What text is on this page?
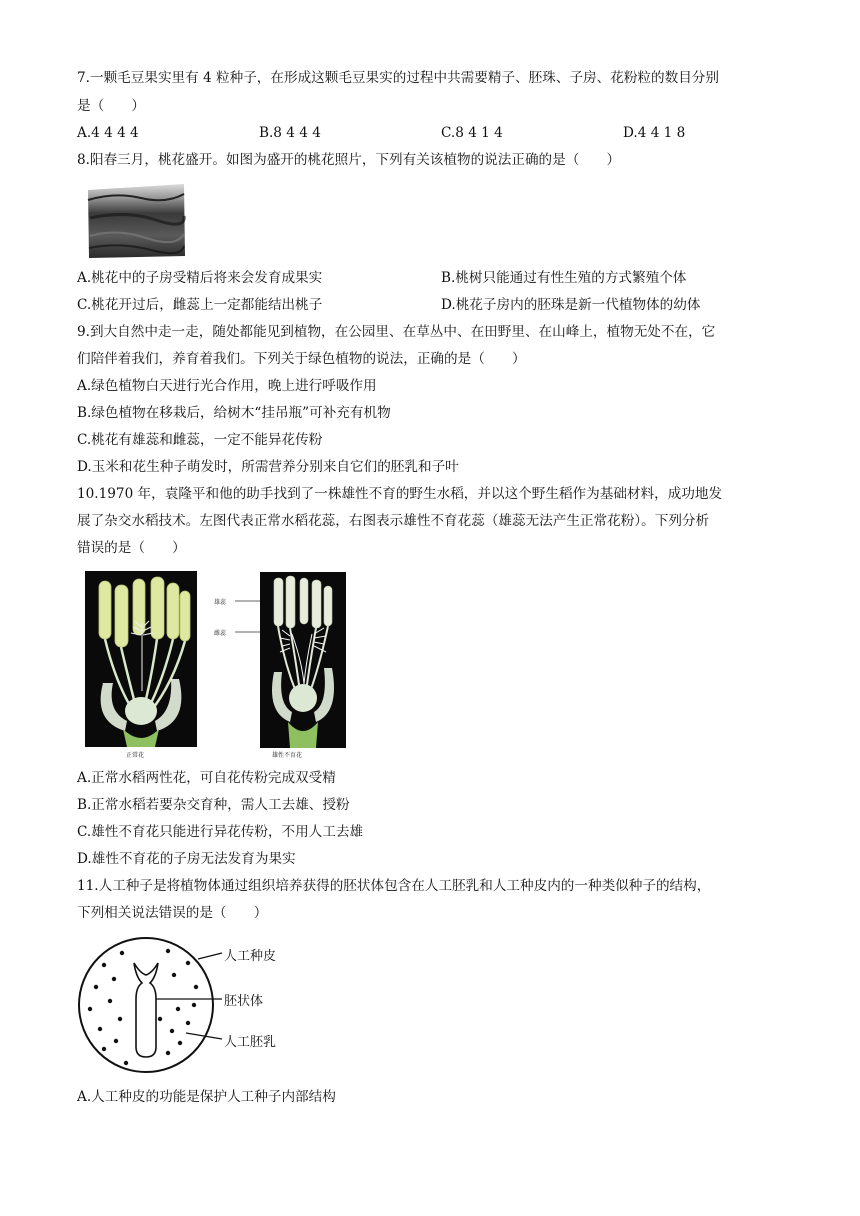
7.一颗毛豆果实里有 4 粒种子，在形成这颗毛豆果实的过程中共需要精子、胚珠、子房、花粉粒的数目分别
是（　　）
A.4 4 4 4	B.8 4 4 4	C.8 4 1 4	D.4 4 1 8
8.阳春三月，桃花盛开。如图为盛开的桃花照片，下列有关该植物的说法正确的是（　　）
A.桃花中的子房受精后将来会发育成果实	B.桃树只能通过有性生殖的方式繁殖个体
C.桃花开过后，雌蕊上一定都能结出桃子	D.桃花子房内的胚珠是新一代植物体的幼体
9.到大自然中走一走，随处都能见到植物，在公园里、在草丛中、在田野里、在山峰上，植物无处不在，它
们陪伴着我们，养育着我们。下列关于绿色植物的说法，正确的是（　　）
A.绿色植物白天进行光合作用，晚上进行呼吸作用
B.绿色植物在移栽后，给树木“挂吊瓶”可补充有机物
C.桃花有雄蕊和雌蕊，一定不能异花传粉
D.玉米和花生种子萌发时，所需营养分别来自它们的胚乳和子叶
10.1970 年，袁隆平和他的助手找到了一株雄性不育的野生水稻，并以这个野生稻作为基础材料，成功地发
展了杂交水稻技术。左图代表正常水稻花蕊，右图表示雄性不育花蕊（雄蕊无法产生正常花粉）。下列分析
错误的是（　　）
正常花
雄蕊
雌蕊
雄性不育花
A.正常水稻两性花，可自花传粉完成双受精
B.正常水稻若要杂交育种，需人工去雄、授粉
C.雄性不育花只能进行异花传粉，不用人工去雄
D.雄性不育花的子房无法发育为果实
11.人工种子是将植物体通过组织培养获得的胚状体包含在人工胚乳和人工种皮内的一种类似种子的结构，
下列相关说法错误的是（　　）
人工种皮
胚状体
人工胚乳
A.人工种皮的功能是保护人工种子内部结构
